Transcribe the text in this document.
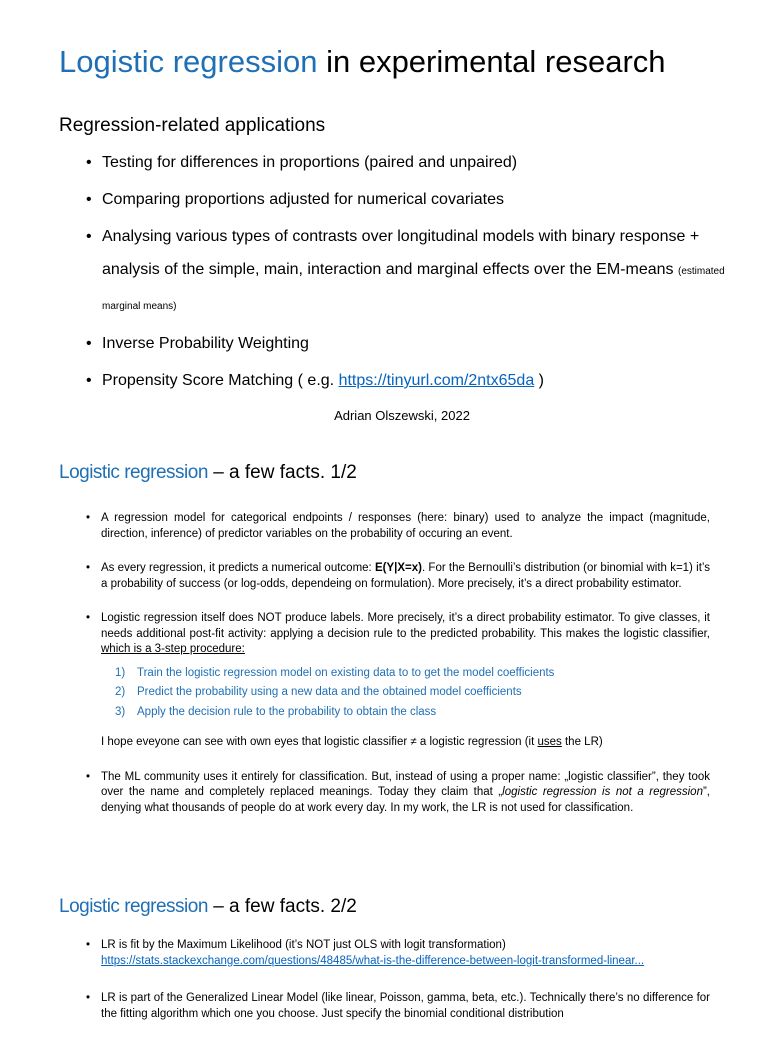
Logistic regression in experimental research
Regression-related applications
• Testing for differences in proportions (paired and unpaired)
• Comparing proportions adjusted for numerical covariates
• Analysing various types of contrasts over longitudinal models with binary response + analysis of the simple, main, interaction and marginal effects over the EM-means (estimated marginal means)
• Inverse Probability Weighting
• Propensity Score Matching ( e.g. https://tinyurl.com/2ntx65da )
Adrian Olszewski, 2022
Logistic regression – a few facts. 1/2
• A regression model for categorical endpoints / responses (here: binary) used to analyze the impact (magnitude, direction, inference) of predictor variables on the probability of occuring an event.
• As every regression, it predicts a numerical outcome: E(Y|X=x). For the Bernoulli’s distribution (or binomial with k=1) it’s a probability of success (or log-odds, dependeing on formulation). More precisely, it’s a direct probability estimator.
• Logistic regression itself does NOT produce labels. More precisely, it’s a direct probability estimator. To give classes, it needs additional post-fit activity: applying a decision rule to the predicted probability. This makes the logistic classifier, which is a 3-step procedure:
1) Train the logistic regression model on existing data to to get the model coefficients
2) Predict the probability using a new data and the obtained model coefficients
3) Apply the decision rule to the probability to obtain the class
I hope eveyone can see with own eyes that logistic classifier ≠ a logistic regression (it uses the LR)
• The ML community uses it entirely for classification. But, instead of using a proper name: „logistic classifier”, they took over the name and completely replaced meanings. Today they claim that „logistic regression is not a regression”, denying what thousands of people do at work every day. In my work, the LR is not used for classification.
Logistic regression – a few facts. 2/2
• LR is fit by the Maximum Likelihood (it’s NOT just OLS with logit transformation)
https://stats.stackexchange.com/questions/48485/what-is-the-difference-between-logit-transformed-linear...
• LR is part of the Generalized Linear Model (like linear, Poisson, gamma, beta, etc.). Technically there’s no difference for the fitting algorithm which one you choose. Just specify the binomial conditional distribution
